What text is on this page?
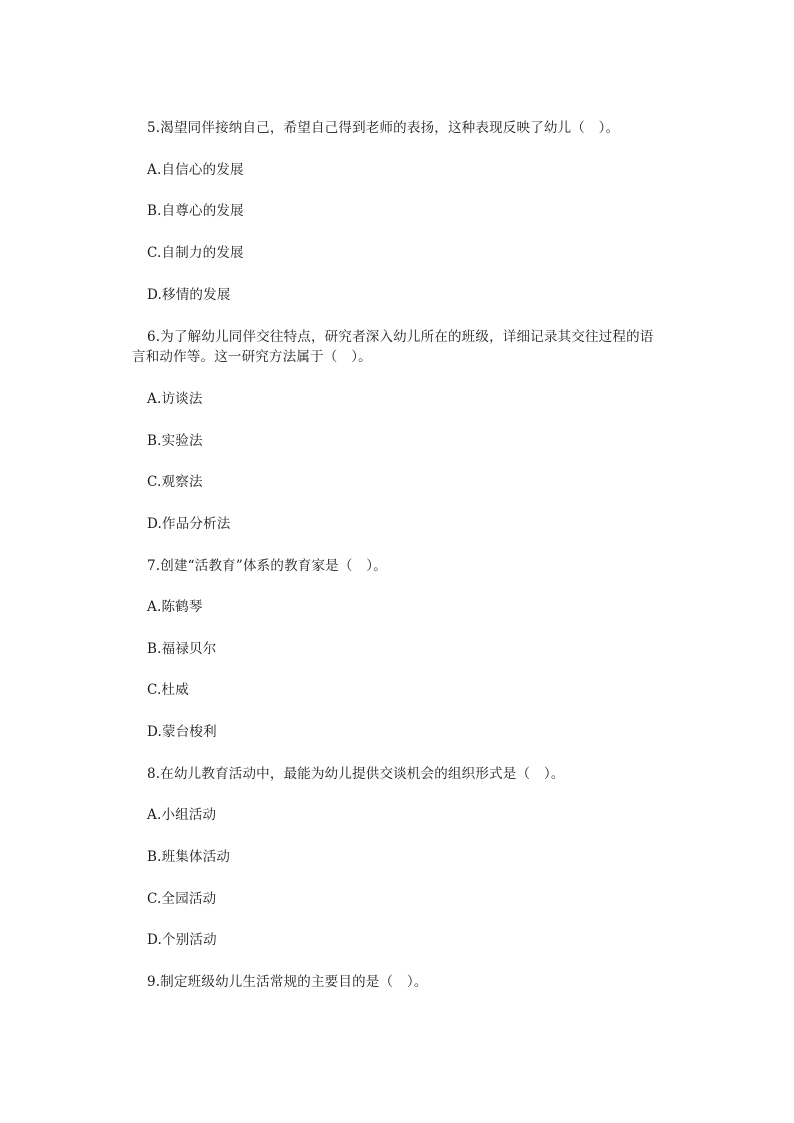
5.渴望同伴接纳自己，希望自己得到老师的表扬，这种表现反映了幼儿（　）。
A.自信心的发展
B.自尊心的发展
C.自制力的发展
D.移情的发展
6.为了解幼儿同伴交往特点，研究者深入幼儿所在的班级，详细记录其交往过程的语
言和动作等。这一研究方法属于（　）。
A.访谈法
B.实验法
C.观察法
D.作品分析法
7.创建“活教育”体系的教育家是（　）。
A.陈鹤琴
B.福禄贝尔
C.杜威
D.蒙台梭利
8.在幼儿教育活动中，最能为幼儿提供交谈机会的组织形式是（　）。
A.小组活动
B.班集体活动
C.全园活动
D.个别活动
9.制定班级幼儿生活常规的主要目的是（　）。
